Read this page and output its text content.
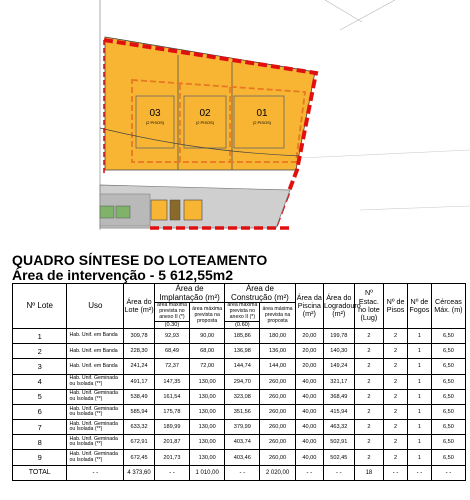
03
(2 PISOS)
02
(2 PISOS)
01
(2 PISOS)
QUADRO SÍNTESE DO LOTEAMENTO
Área de intervenção - 5 612,55m2
Nº Lote	Uso	Área do Lote (m²)	Área de Implantação (m²)		Área de Construção (m²)		Área da Piscina (m²)	Área do Logradouro (m²)	Nº Estac. no lote (Lug)	Nº de Pisos	Nº de Fogos	Cérceas Máx. (m)
			área máxima prevista no anexo II (*)	área máxima prevista na proposta	área máxima prevista no anexo II (*)	área máxima prevista na proposta						
			(0.30)		(0.60)							
1	Hab. Unif. em Banda	309,78	92,93	90,00	185,86	180,00	20,00	199,78	2	2	1	6,50
2	Hab. Unif. em Banda	228,30	68,49	68,00	136,98	136,00	20,00	140,30	2	2	1	6,50
3	Hab. Unif. em Banda	241,24	72,37	72,00	144,74	144,00	20,00	149,24	2	2	1	6,50
4	Hab. Unif. Geminada ou Isolada (**)	491,17	147,35	130,00	294,70	260,00	40,00	321,17	2	2	1	6,50
5	Hab. Unif. Geminada ou Isolada (**)	538,49	161,54	130,00	323,08	260,00	40,00	368,49	2	2	1	6,50
6	Hab. Unif. Geminada ou Isolada (**)	585,94	175,78	130,00	351,56	260,00	40,00	415,94	2	2	1	6,50
7	Hab. Unif. Geminada ou Isolada (**)	633,32	189,99	130,00	379,99	260,00	40,00	463,32	2	2	1	6,50
8	Hab. Unif. Geminada ou Isolada (**)	672,91	201,87	130,00	403,74	260,00	40,00	502,91	2	2	1	6,50
9	Hab. Unif. Geminada ou Isolada (**)	672,45	201,73	130,00	403,46	260,00	40,00	502,45	2	2	1	6,50
TOTAL	- -	4 373,60	- -	1 010,00	- -	2 020,00	- -	- -	18	- -	- -	- -
